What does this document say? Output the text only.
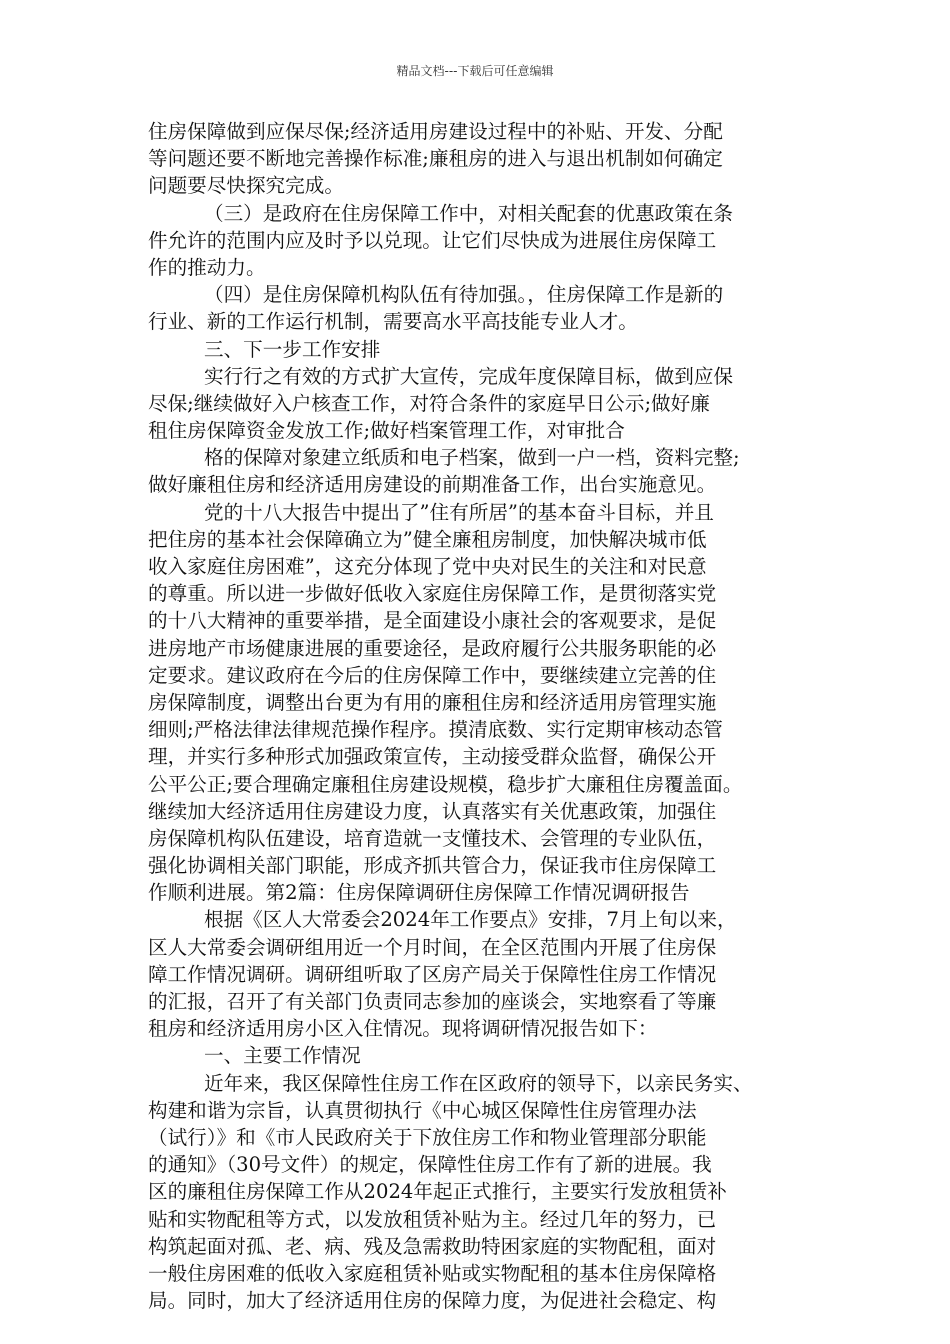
精品文档---下载后可任意编辑
住房保障做到应保尽保;经济适用房建设过程中的补贴、开发、分配
等问题还要不断地完善操作标准;廉租房的进入与退出机制如何确定
问题要尽快探究完成。
（三）是政府在住房保障工作中，对相关配套的优惠政策在条
件允许的范围内应及时予以兑现。让它们尽快成为进展住房保障工
作的推动力。
（四）是住房保障机构队伍有待加强。，住房保障工作是新的
行业、新的工作运行机制，需要高水平高技能专业人才。
三、下一步工作安排
实行行之有效的方式扩大宣传，完成年度保障目标，做到应保
尽保;继续做好入户核查工作，对符合条件的家庭早日公示;做好廉
租住房保障资金发放工作;做好档案管理工作，对审批合
格的保障对象建立纸质和电子档案，做到一户一档，资料完整;
做好廉租住房和经济适用房建设的前期准备工作，出台实施意见。
党的十八大报告中提出了”住有所居”的基本奋斗目标，并且
把住房的基本社会保障确立为”健全廉租房制度，加快解决城市低
收入家庭住房困难”，这充分体现了党中央对民生的关注和对民意
的尊重。所以进一步做好低收入家庭住房保障工作，是贯彻落实党
的十八大精神的重要举措，是全面建设小康社会的客观要求，是促
进房地产市场健康进展的重要途径，是政府履行公共服务职能的必
定要求。建议政府在今后的住房保障工作中，要继续建立完善的住
房保障制度，调整出台更为有用的廉租住房和经济适用房管理实施
细则;严格法律法律规范操作程序。摸清底数、实行定期审核动态管
理，并实行多种形式加强政策宣传，主动接受群众监督，确保公开
公平公正;要合理确定廉租住房建设规模，稳步扩大廉租住房覆盖面。
继续加大经济适用住房建设力度，认真落实有关优惠政策，加强住
房保障机构队伍建设，培育造就一支懂技术、会管理的专业队伍，
强化协调相关部门职能，形成齐抓共管合力，保证我市住房保障工
作顺利进展。第2篇：住房保障调研住房保障工作情况调研报告
根据《区人大常委会2024年工作要点》安排，7月上旬以来，
区人大常委会调研组用近一个月时间，在全区范围内开展了住房保
障工作情况调研。调研组听取了区房产局关于保障性住房工作情况
的汇报，召开了有关部门负责同志参加的座谈会，实地察看了等廉
租房和经济适用房小区入住情况。现将调研情况报告如下：
一、主要工作情况
近年来，我区保障性住房工作在区政府的领导下，以亲民务实、
构建和谐为宗旨，认真贯彻执行《中心城区保障性住房管理办法
（试行）》和《市人民政府关于下放住房工作和物业管理部分职能
的通知》（30号文件）的规定，保障性住房工作有了新的进展。我
区的廉租住房保障工作从2024年起正式推行，主要实行发放租赁补
贴和实物配租等方式，以发放租赁补贴为主。经过几年的努力，已
构筑起面对孤、老、病、残及急需救助特困家庭的实物配租，面对
一般住房困难的低收入家庭租赁补贴或实物配租的基本住房保障格
局。同时，加大了经济适用住房的保障力度，为促进社会稳定、构
